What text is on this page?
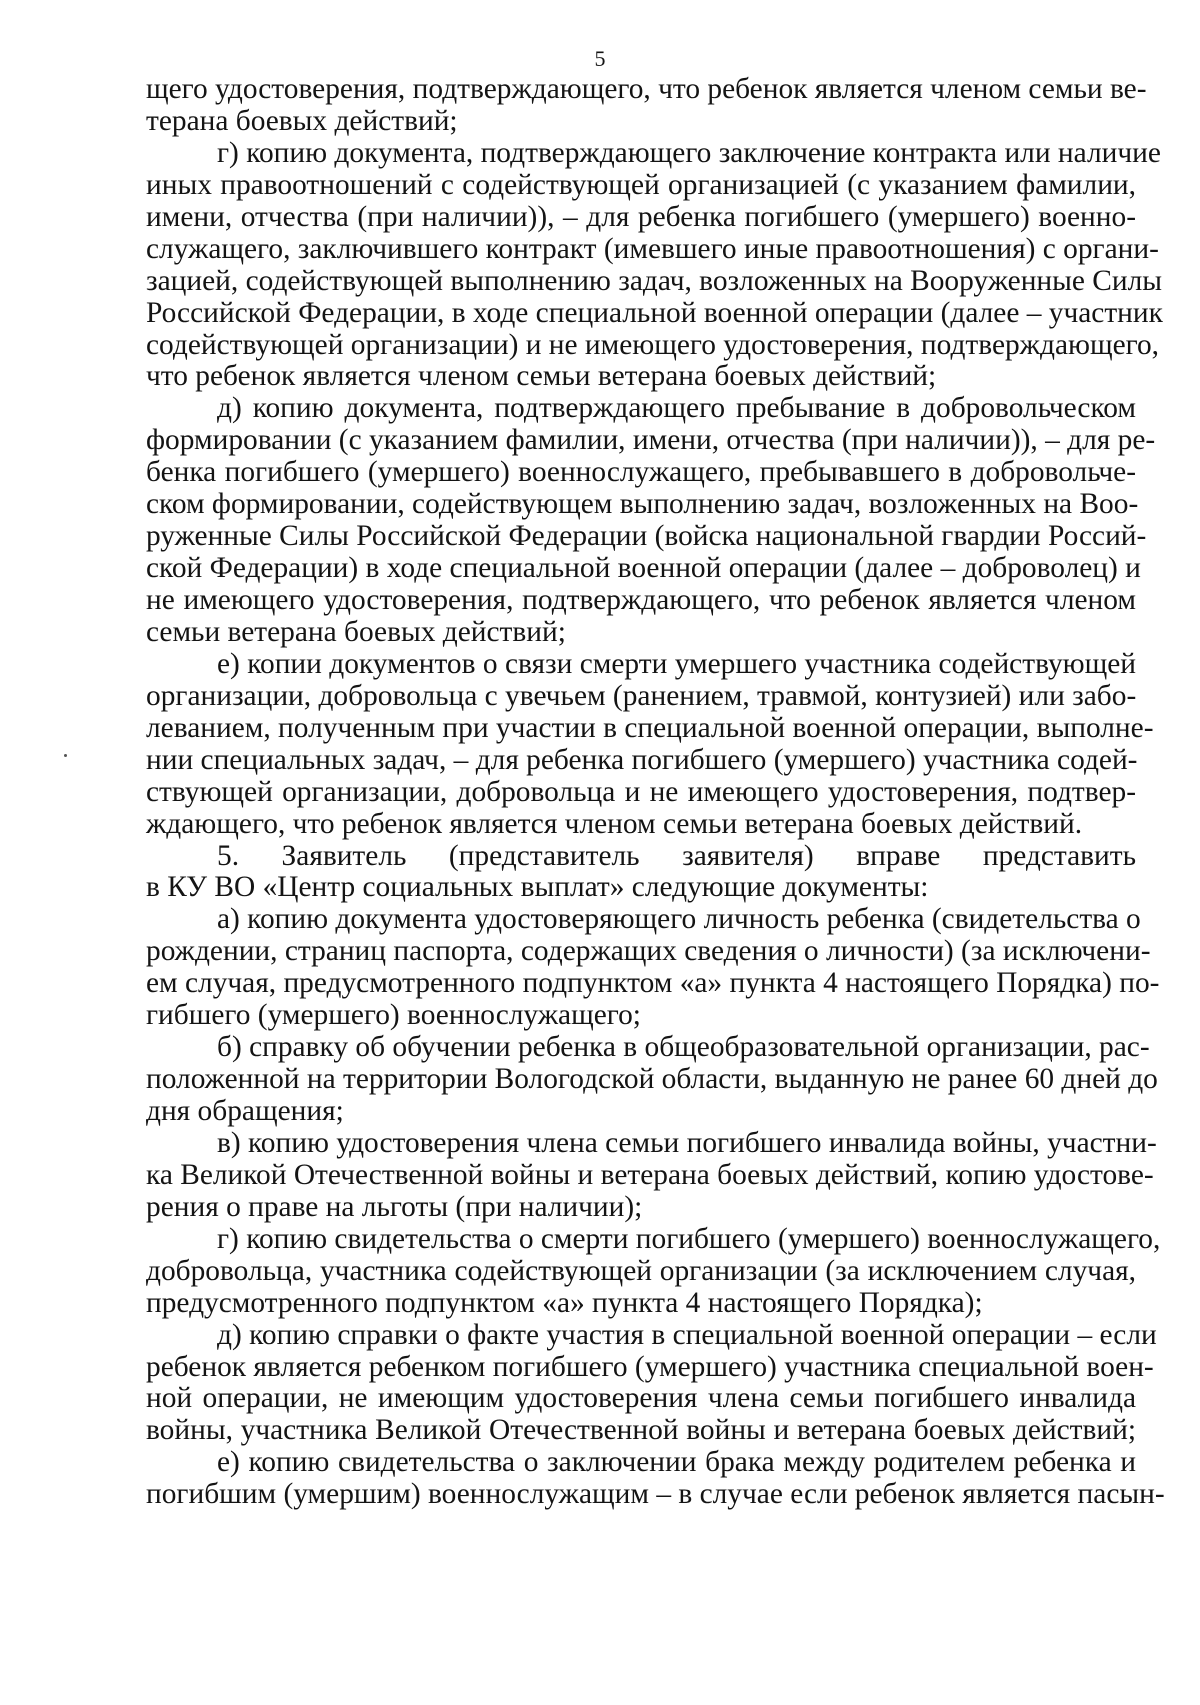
5
щего удостоверения, подтверждающего, что ребенок является членом семьи ве-
терана боевых действий;
г) копию документа, подтверждающего заключение контракта или наличие
иных правоотношений с содействующей организацией (с указанием фамилии,
имени, отчества (при наличии)), – для ребенка погибшего (умершего) военно-
служащего, заключившего контракт (имевшего иные правоотношения) с органи-
зацией, содействующей выполнению задач, возложенных на Вооруженные Силы
Российской Федерации, в ходе специальной военной операции (далее – участник
содействующей организации) и не имеющего удостоверения, подтверждающего,
что ребенок является членом семьи ветерана боевых действий;
д) копию документа, подтверждающего пребывание в добровольческом
формировании (с указанием фамилии, имени, отчества (при наличии)), – для ре-
бенка погибшего (умершего) военнослужащего, пребывавшего в добровольче-
ском формировании, содействующем выполнению задач, возложенных на Воо-
руженные Силы Российской Федерации (войска национальной гвардии Россий-
ской Федерации) в ходе специальной военной операции (далее – доброволец) и
не имеющего удостоверения, подтверждающего, что ребенок является членом
семьи ветерана боевых действий;
е) копии документов о связи смерти умершего участника содействующей
организации, добровольца с увечьем (ранением, травмой, контузией) или забо-
леванием, полученным при участии в специальной военной операции, выполне-
нии специальных задач, – для ребенка погибшего (умершего) участника содей-
ствующей организации, добровольца и не имеющего удостоверения, подтвер-
ждающего, что ребенок является членом семьи ветерана боевых действий.
5. Заявитель (представитель заявителя) вправе представить
в КУ ВО «Центр социальных выплат» следующие документы:
а) копию документа удостоверяющего личность ребенка (свидетельства о
рождении, страниц паспорта, содержащих сведения о личности) (за исключени-
ем случая, предусмотренного подпунктом «а» пункта 4 настоящего Порядка) по-
гибшего (умершего) военнослужащего;
б) справку об обучении ребенка в общеобразовательной организации, рас-
положенной на территории Вологодской области, выданную не ранее 60 дней до
дня обращения;
в) копию удостоверения члена семьи погибшего инвалида войны, участни-
ка Великой Отечественной войны и ветерана боевых действий, копию удостове-
рения о праве на льготы (при наличии);
г) копию свидетельства о смерти погибшего (умершего) военнослужащего,
добровольца, участника содействующей организации (за исключением случая,
предусмотренного подпунктом «а» пункта 4 настоящего Порядка);
д) копию справки о факте участия в специальной военной операции – если
ребенок является ребенком погибшего (умершего) участника специальной воен-
ной операции, не имеющим удостоверения члена семьи погибшего инвалида
войны, участника Великой Отечественной войны и ветерана боевых действий;
е) копию свидетельства о заключении брака между родителем ребенка и
погибшим (умершим) военнослужащим – в случае если ребенок является пасын-
